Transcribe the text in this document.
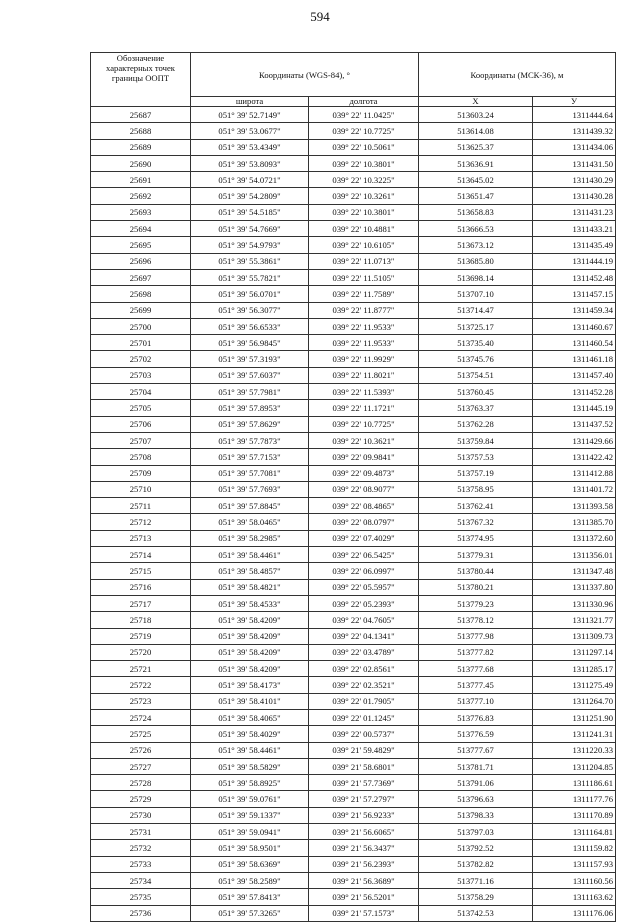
594
Обозначение характерных точек границы ООПТ	Координаты (WGS-84), °		Координаты (МСК-36), м	
	широта	долгота	X	У
25687	051° 39' 52.7149"	039° 22' 11.0425"	513603.24	1311444.64
25688	051° 39' 53.0677"	039° 22' 10.7725"	513614.08	1311439.32
25689	051° 39' 53.4349"	039° 22' 10.5061"	513625.37	1311434.06
25690	051° 39' 53.8093"	039° 22' 10.3801"	513636.91	1311431.50
25691	051° 39' 54.0721"	039° 22' 10.3225"	513645.02	1311430.29
25692	051° 39' 54.2809"	039° 22' 10.3261"	513651.47	1311430.28
25693	051° 39' 54.5185"	039° 22' 10.3801"	513658.83	1311431.23
25694	051° 39' 54.7669"	039° 22' 10.4881"	513666.53	1311433.21
25695	051° 39' 54.9793"	039° 22' 10.6105"	513673.12	1311435.49
25696	051° 39' 55.3861"	039° 22' 11.0713"	513685.80	1311444.19
25697	051° 39' 55.7821"	039° 22' 11.5105"	513698.14	1311452.48
25698	051° 39' 56.0701"	039° 22' 11.7589"	513707.10	1311457.15
25699	051° 39' 56.3077"	039° 22' 11.8777"	513714.47	1311459.34
25700	051° 39' 56.6533"	039° 22' 11.9533"	513725.17	1311460.67
25701	051° 39' 56.9845"	039° 22' 11.9533"	513735.40	1311460.54
25702	051° 39' 57.3193"	039° 22' 11.9929"	513745.76	1311461.18
25703	051° 39' 57.6037"	039° 22' 11.8021"	513754.51	1311457.40
25704	051° 39' 57.7981"	039° 22' 11.5393"	513760.45	1311452.28
25705	051° 39' 57.8953"	039° 22' 11.1721"	513763.37	1311445.19
25706	051° 39' 57.8629"	039° 22' 10.7725"	513762.28	1311437.52
25707	051° 39' 57.7873"	039° 22' 10.3621"	513759.84	1311429.66
25708	051° 39' 57.7153"	039° 22' 09.9841"	513757.53	1311422.42
25709	051° 39' 57.7081"	039° 22' 09.4873"	513757.19	1311412.88
25710	051° 39' 57.7693"	039° 22' 08.9077"	513758.95	1311401.72
25711	051° 39' 57.8845"	039° 22' 08.4865"	513762.41	1311393.58
25712	051° 39' 58.0465"	039° 22' 08.0797"	513767.32	1311385.70
25713	051° 39' 58.2985"	039° 22' 07.4029"	513774.95	1311372.60
25714	051° 39' 58.4461"	039° 22' 06.5425"	513779.31	1311356.01
25715	051° 39' 58.4857"	039° 22' 06.0997"	513780.44	1311347.48
25716	051° 39' 58.4821"	039° 22' 05.5957"	513780.21	1311337.80
25717	051° 39' 58.4533"	039° 22' 05.2393"	513779.23	1311330.96
25718	051° 39' 58.4209"	039° 22' 04.7605"	513778.12	1311321.77
25719	051° 39' 58.4209"	039° 22' 04.1341"	513777.98	1311309.73
25720	051° 39' 58.4209"	039° 22' 03.4789"	513777.82	1311297.14
25721	051° 39' 58.4209"	039° 22' 02.8561"	513777.68	1311285.17
25722	051° 39' 58.4173"	039° 22' 02.3521"	513777.45	1311275.49
25723	051° 39' 58.4101"	039° 22' 01.7905"	513777.10	1311264.70
25724	051° 39' 58.4065"	039° 22' 01.1245"	513776.83	1311251.90
25725	051° 39' 58.4029"	039° 22' 00.5737"	513776.59	1311241.31
25726	051° 39' 58.4461"	039° 21' 59.4829"	513777.67	1311220.33
25727	051° 39' 58.5829"	039° 21' 58.6801"	513781.71	1311204.85
25728	051° 39' 58.8925"	039° 21' 57.7369"	513791.06	1311186.61
25729	051° 39' 59.0761"	039° 21' 57.2797"	513796.63	1311177.76
25730	051° 39' 59.1337"	039° 21' 56.9233"	513798.33	1311170.89
25731	051° 39' 59.0941"	039° 21' 56.6065"	513797.03	1311164.81
25732	051° 39' 58.9501"	039° 21' 56.3437"	513792.52	1311159.82
25733	051° 39' 58.6369"	039° 21' 56.2393"	513782.82	1311157.93
25734	051° 39' 58.2589"	039° 21' 56.3689"	513771.16	1311160.56
25735	051° 39' 57.8413"	039° 21' 56.5201"	513758.29	1311163.62
25736	051° 39' 57.3265"	039° 21' 57.1573"	513742.53	1311176.06
